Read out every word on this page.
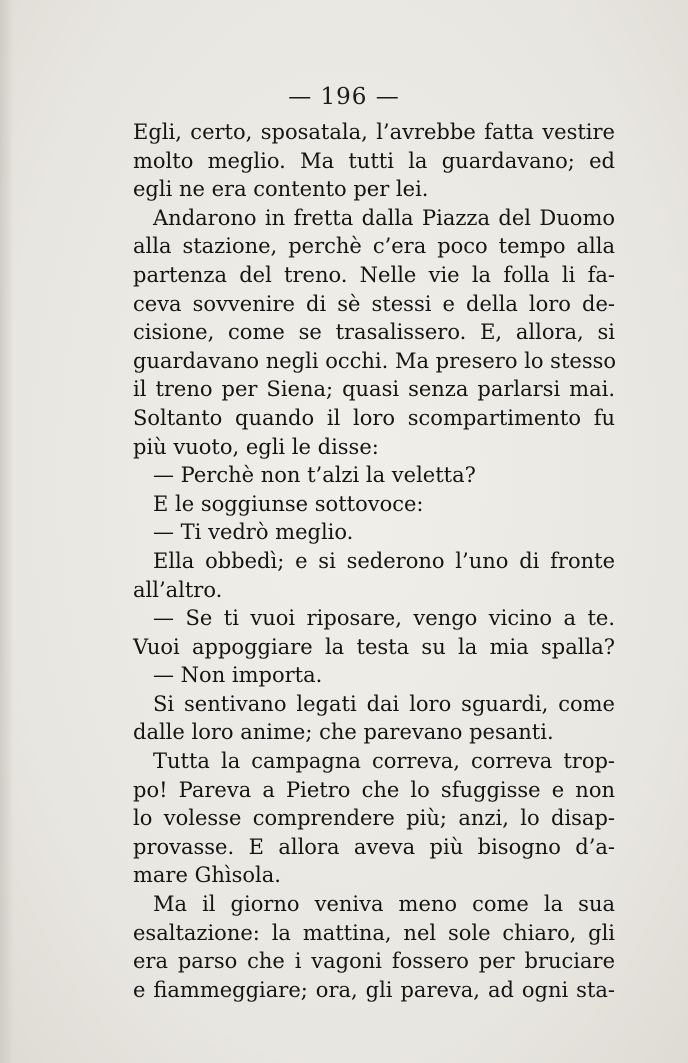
— 196 —
Egli, certo, sposatala, l’avrebbe fatta vestire
molto meglio. Ma tutti la guardavano; ed
egli ne era contento per lei.
Andarono in fretta dalla Piazza del Duomo
alla stazione, perchè c’era poco tempo alla
partenza del treno. Nelle vie la folla li fa-
ceva sovvenire di sè stessi e della loro de-
cisione, come se trasalissero. E, allora, si
guardavano negli occhi. Ma presero lo stesso
il treno per Siena; quasi senza parlarsi mai.
Soltanto quando il loro scompartimento fu
più vuoto, egli le disse:
— Perchè non t’alzi la veletta?
E le soggiunse sottovoce:
— Ti vedrò meglio.
Ella obbedì; e si sederono l’uno di fronte
all’altro.
— Se ti vuoi riposare, vengo vicino a te.
Vuoi appoggiare la testa su la mia spalla?
— Non importa.
Si sentivano legati dai loro sguardi, come
dalle loro anime; che parevano pesanti.
Tutta la campagna correva, correva trop-
po! Pareva a Pietro che lo sfuggisse e non
lo volesse comprendere più; anzi, lo disap-
provasse. E allora aveva più bisogno d’a-
mare Ghìsola.
Ma il giorno veniva meno come la sua
esaltazione: la mattina, nel sole chiaro, gli
era parso che i vagoni fossero per bruciare
e fiammeggiare; ora, gli pareva, ad ogni sta-
